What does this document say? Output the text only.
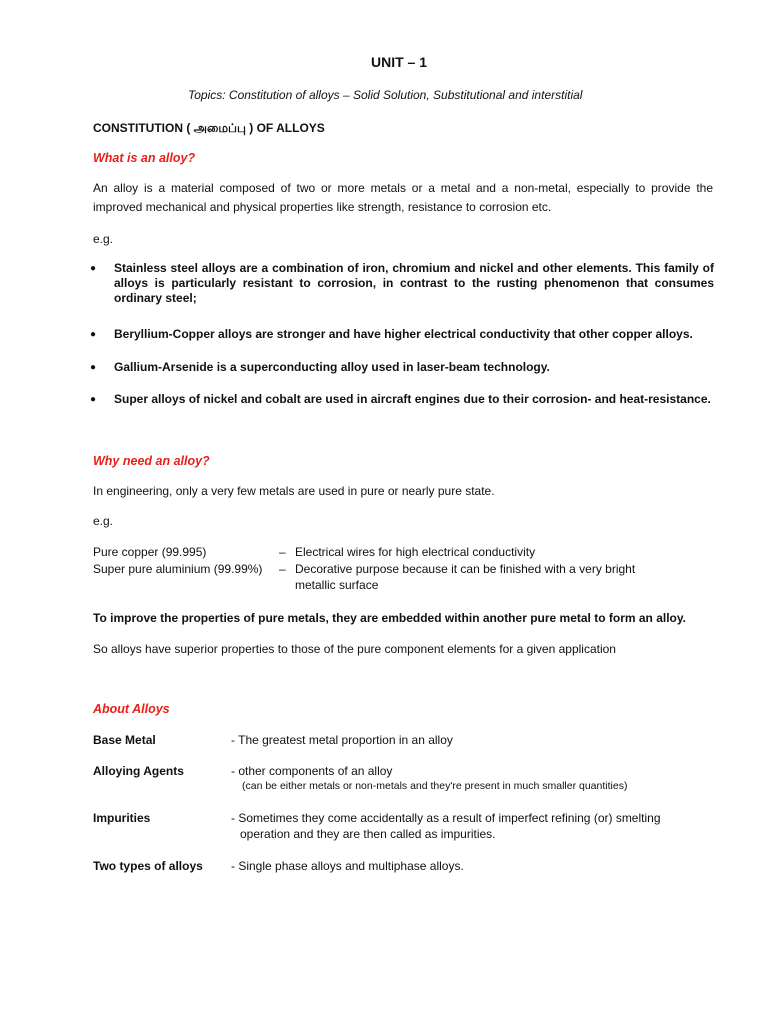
UNIT – 1
Topics: Constitution of alloys – Solid Solution, Substitutional and interstitial
CONSTITUTION ( அமைப்பு ) OF ALLOYS
What is an alloy?
An alloy is a material composed of two or more metals or a metal and a non-metal, especially to provide the improved mechanical and physical properties like strength, resistance to corrosion etc.
e.g.
● Stainless steel alloys are a combination of iron, chromium and nickel and other elements. This family of alloys is particularly resistant to corrosion, in contrast to the rusting phenomenon that consumes ordinary steel;
● Beryllium-Copper alloys are stronger and have higher electrical conductivity that other copper alloys.
● Gallium-Arsenide is a superconducting alloy used in laser-beam technology.
● Super alloys of nickel and cobalt are used in aircraft engines due to their corrosion- and heat-resistance.
Why need an alloy?
In engineering, only a very few metals are used in pure or nearly pure state.
e.g.
Pure copper (99.995)	– Electrical wires for high electrical conductivity
Super pure aluminium (99.99%) – Decorative purpose because it can be finished with a very bright
metallic surface
To improve the properties of pure metals, they are embedded within another pure metal to form an alloy.
So alloys have superior properties to those of the pure component elements for a given application
About Alloys
Base Metal	- The greatest metal proportion in an alloy
Alloying Agents	- other components of an alloy
(can be either metals or non-metals and they're present in much smaller quantities)
Impurities	- Sometimes they come accidentally as a result of imperfect refining (or) smelting
operation and they are then called as impurities.
Two types of alloys - Single phase alloys and multiphase alloys.
